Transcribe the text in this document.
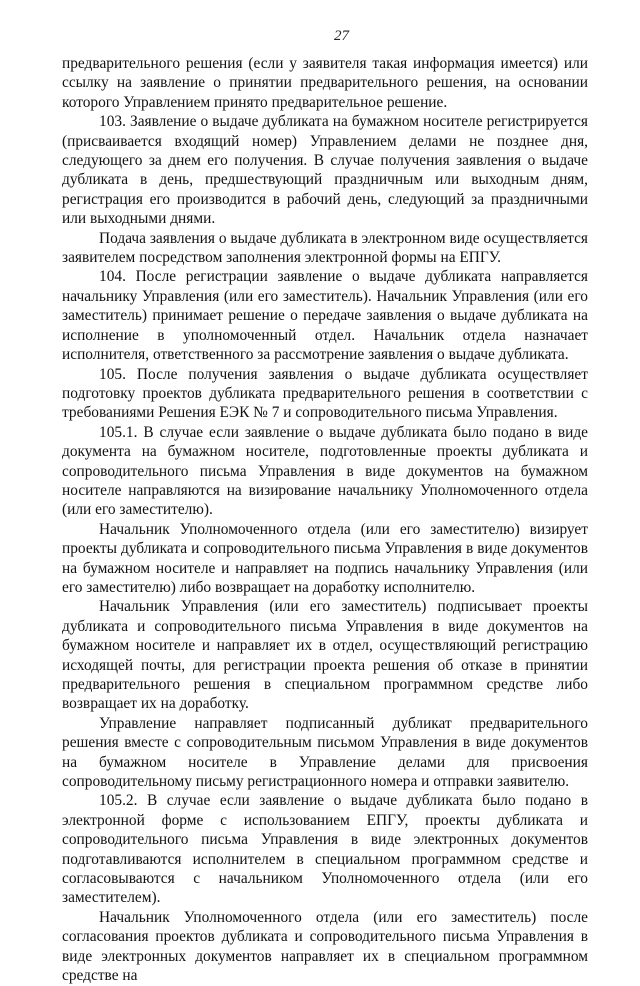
27

предварительного решения (если у заявителя такая информация имеется) или ссылку на заявление о принятии предварительного решения, на основании которого Управлением принято предварительное решение.

103. Заявление о выдаче дубликата на бумажном носителе регистрируется (присваивается входящий номер) Управлением делами не позднее дня, следующего за днем его получения. В случае получения заявления о выдаче дубликата в день, предшествующий праздничным или выходным дням, регистрация его производится в рабочий день, следующий за праздничными или выходными днями.

Подача заявления о выдаче дубликата в электронном виде осуществляется заявителем посредством заполнения электронной формы на ЕПГУ.

104. После регистрации заявление о выдаче дубликата направляется начальнику Управления (или его заместитель). Начальник Управления (или его заместитель) принимает решение о передаче заявления о выдаче дубликата на исполнение в уполномоченный отдел. Начальник отдела назначает исполнителя, ответственного за рассмотрение заявления о выдаче дубликата.

105. После получения заявления о выдаче дубликата осуществляет подготовку проектов дубликата предварительного решения в соответствии с требованиями Решения ЕЭК № 7 и сопроводительного письма Управления.

105.1. В случае если заявление о выдаче дубликата было подано в виде документа на бумажном носителе, подготовленные проекты дубликата и сопроводительного письма Управления в виде документов на бумажном носителе направляются на визирование начальнику Уполномоченного отдела (или его заместителю).

Начальник Уполномоченного отдела (или его заместителю) визирует проекты дубликата и сопроводительного письма Управления в виде документов на бумажном носителе и направляет на подпись начальнику Управления (или его заместителю) либо возвращает на доработку исполнителю.

Начальник Управления (или его заместитель) подписывает проекты дубликата и сопроводительного письма Управления в виде документов на бумажном носителе и направляет их в отдел, осуществляющий регистрацию исходящей почты, для регистрации проекта решения об отказе в принятии предварительного решения в специальном программном средстве либо возвращает их на доработку.

Управление направляет подписанный дубликат предварительного решения вместе с сопроводительным письмом Управления в виде документов на бумажном носителе в Управление делами для присвоения сопроводительному письму регистрационного номера и отправки заявителю.

105.2. В случае если заявление о выдаче дубликата было подано в электронной форме с использованием ЕПГУ, проекты дубликата и сопроводительного письма Управления в виде электронных документов подготавливаются исполнителем в специальном программном средстве и согласовываются с начальником Уполномоченного отдела (или его заместителем).

Начальник Уполномоченного отдела (или его заместитель) после согласования проектов дубликата и сопроводительного письма Управления в виде электронных документов направляет их в специальном программном средстве на
